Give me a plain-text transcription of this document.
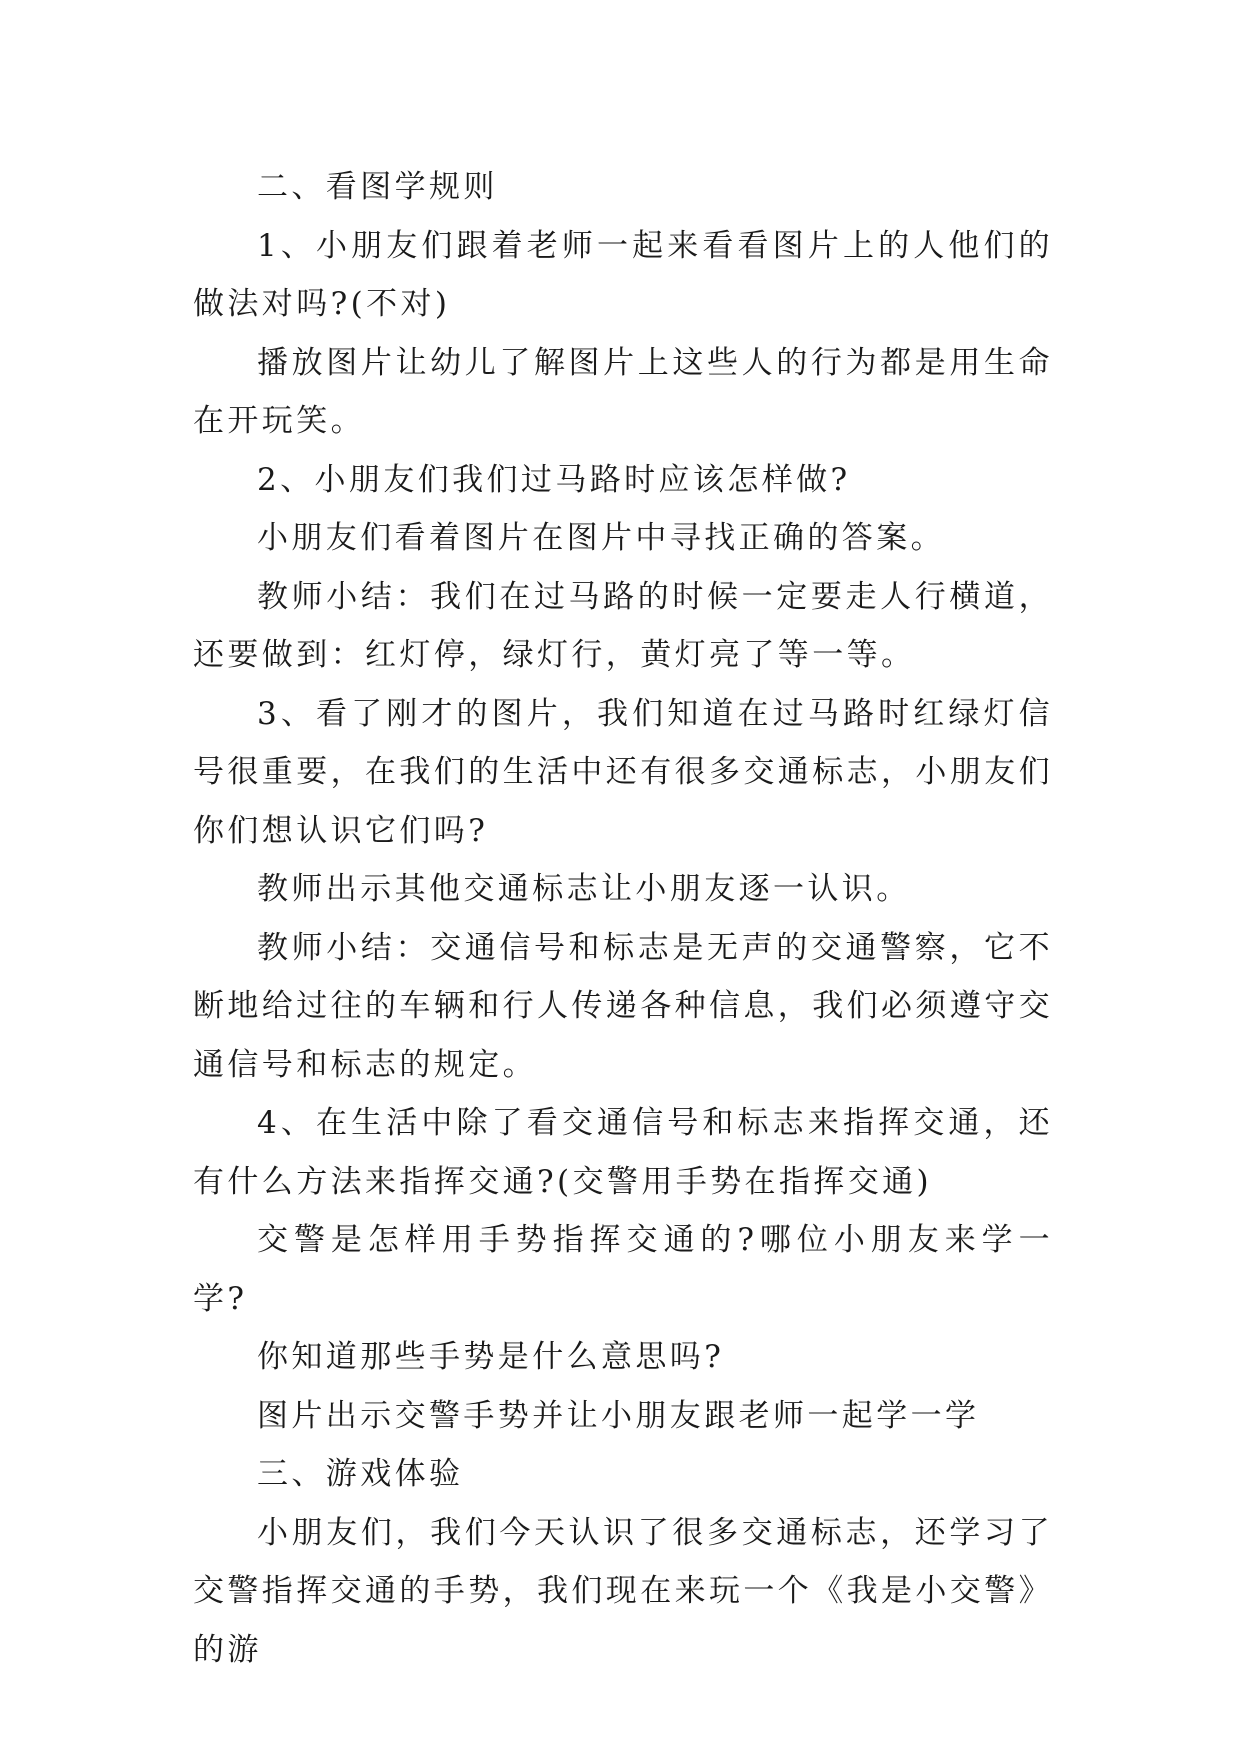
二、看图学规则

1、小朋友们跟着老师一起来看看图片上的人他们的做法对吗?(不对)

播放图片让幼儿了解图片上这些人的行为都是用生命在开玩笑。

2、小朋友们我们过马路时应该怎样做?

小朋友们看着图片在图片中寻找正确的答案。

教师小结：我们在过马路的时候一定要走人行横道，还要做到：红灯停，绿灯行，黄灯亮了等一等。

3、看了刚才的图片，我们知道在过马路时红绿灯信号很重要，在我们的生活中还有很多交通标志，小朋友们你们想认识它们吗?

教师出示其他交通标志让小朋友逐一认识。

教师小结：交通信号和标志是无声的交通警察，它不断地给过往的车辆和行人传递各种信息，我们必须遵守交通信号和标志的规定。

4、在生活中除了看交通信号和标志来指挥交通，还有什么方法来指挥交通?(交警用手势在指挥交通)

交警是怎样用手势指挥交通的?哪位小朋友来学一学?

你知道那些手势是什么意思吗?

图片出示交警手势并让小朋友跟老师一起学一学

三、游戏体验

小朋友们，我们今天认识了很多交通标志，还学习了交警指挥交通的手势，我们现在来玩一个《我是小交警》的游
